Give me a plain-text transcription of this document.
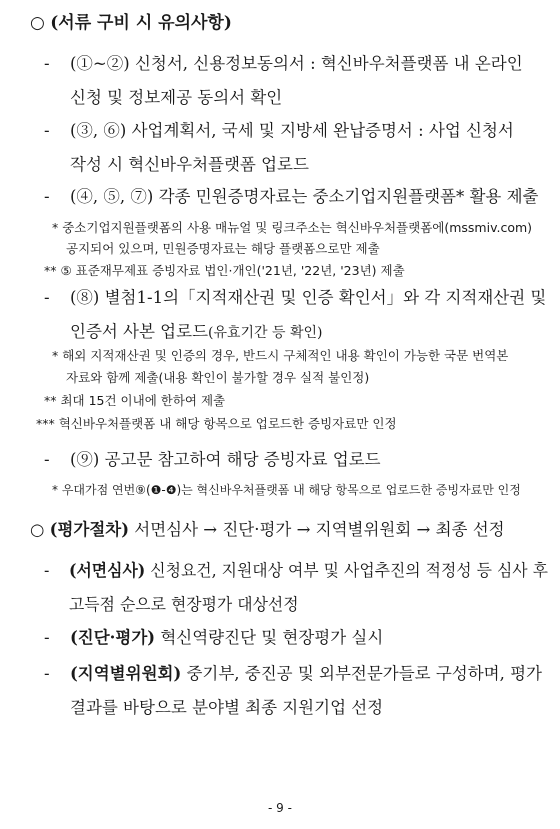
○ (서류 구비 시 유의사항)
- (①~②) 신청서, 신용정보동의서 : 혁신바우처플랫폼 내 온라인
신청 및 정보제공 동의서 확인
- (③, ⑥) 사업계획서, 국세 및 지방세 완납증명서 : 사업 신청서
작성 시 혁신바우처플랫폼 업로드
- (④, ⑤, ⑦) 각종 민원증명자료는 중소기업지원플랫폼* 활용 제출
* 중소기업지원플랫폼의 사용 매뉴얼 및 링크주소는 혁신바우처플랫폼에(mssmiv.com)
공지되어 있으며, 민원증명자료는 해당 플랫폼으로만 제출
** ⑤ 표준재무제표 증빙자료 법인·개인('21년, '22년, '23년) 제출
- (⑧) 별첨1-1의「지적재산권 및 인증 확인서」와 각 지적재산권 및
인증서 사본 업로드(유효기간 등 확인)
* 해외 지적재산권 및 인증의 경우, 반드시 구체적인 내용 확인이 가능한 국문 번역본
자료와 함께 제출(내용 확인이 불가할 경우 실적 불인정)
** 최대 15건 이내에 한하여 제출
*** 혁신바우처플랫폼 내 해당 항목으로 업로드한 증빙자료만 인정
- (⑨) 공고문 참고하여 해당 증빙자료 업로드
* 우대가점 연번⑨(❶-❹)는 혁신바우처플랫폼 내 해당 항목으로 업로드한 증빙자료만 인정
○ (평가절차) 서면심사 → 진단·평가 → 지역별위원회 → 최종 선정
- (서면심사) 신청요건, 지원대상 여부 및 사업추진의 적정성 등 심사 후
고득점 순으로 현장평가 대상선정
- (진단·평가) 혁신역량진단 및 현장평가 실시
- (지역별위원회) 중기부, 중진공 및 외부전문가들로 구성하며, 평가
결과를 바탕으로 분야별 최종 지원기업 선정
- 9 -
